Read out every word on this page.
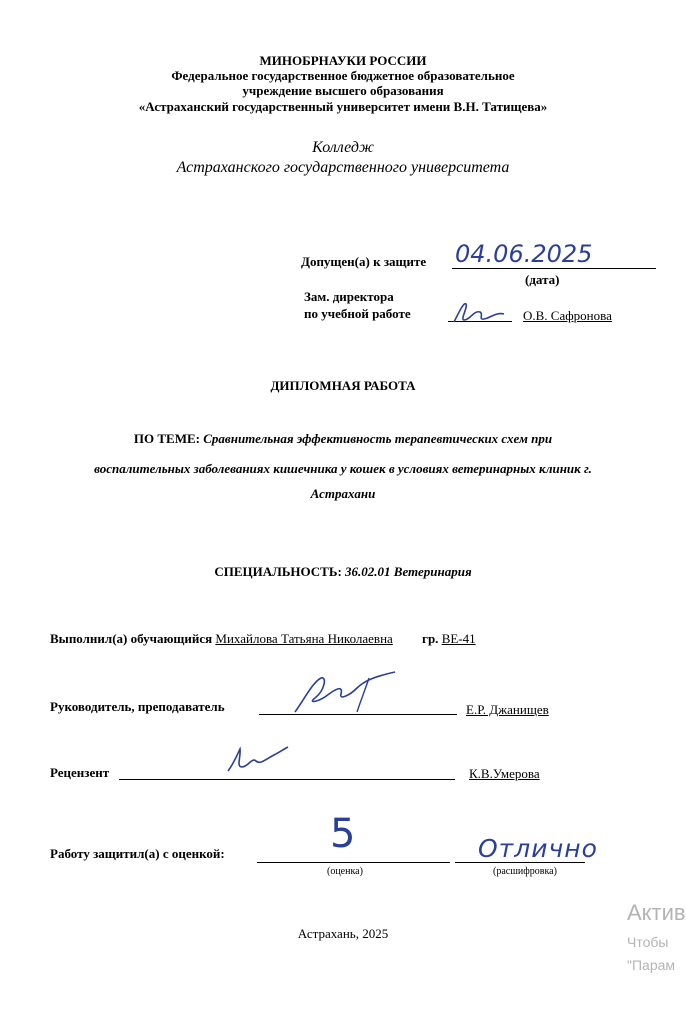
МИНОБРНАУКИ РОССИИ
Федеральное государственное бюджетное образовательное
учреждение высшего образования
«Астраханский государственный университет имени В.Н. Татищева»
Колледж
Астраханского государственного университета
Допущен(а) к защите 04.06.2025
(дата)
Зам. директора
по учебной работе	О.В. Сафронова
ДИПЛОМНАЯ РАБОТА
ПО ТЕМЕ: Сравнительная эффективность терапевтических схем при
воспалительных заболеваниях кишечника у кошек в условиях ветеринарных клиник г.
Астрахани
СПЕЦИАЛЬНОСТЬ: 36.02.01 Ветеринария
Выполнил(а) обучающийся Михайлова Татьяна Николаевна гр. ВЕ-41
Руководитель, преподаватель	Е.Р. Джанищев
Рецензент	К.В.Умерова
Работу защитил(а) с оценкой:	5
(оценка)
Отлично
(расшифровка)
Астрахань, 2025
Актив
Чтобы
"Парам
